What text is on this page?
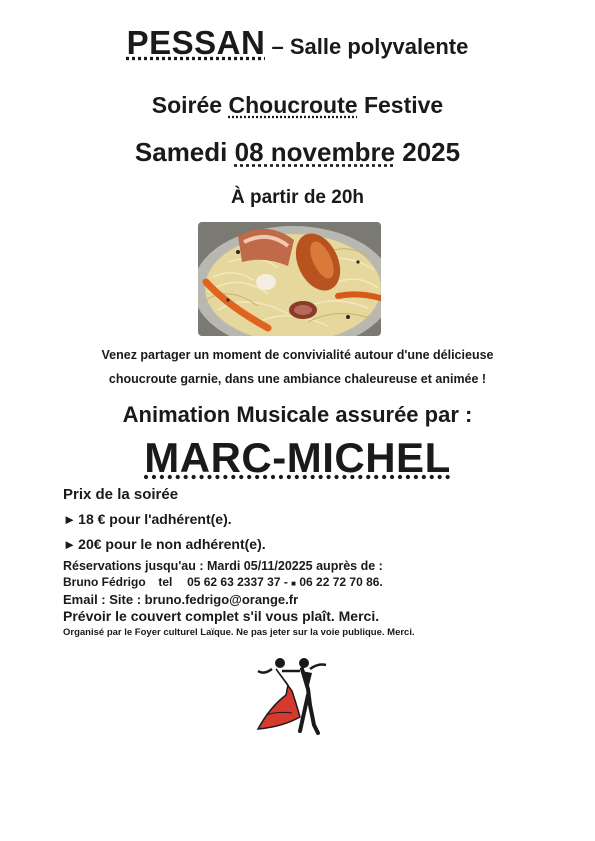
PESSAN – Salle polyvalente
Soirée Choucroute Festive
Samedi 08 novembre 2025
À partir de 20h
Venez partager un moment de convivialité autour d'une délicieuse
choucroute garnie, dans une ambiance chaleureuse et animée !
Animation Musicale assurée par :
MARC-MICHEL
Prix de la soirée
► 18 € pour l'adhérent(e).
► 20€ pour le non adhérent(e).
Réservations jusqu'au : Mardi 05/11/20225 auprès de :
Bruno Fédrigo tel 05 62 63 2337 37 - ■ 06 22 72 70 86.
Email : Site : bruno.fedrigo@orange.fr
Prévoir le couvert complet s'il vous plaît. Merci.
Organisé par le Foyer culturel Laïque. Ne pas jeter sur la voie publique. Merci.
